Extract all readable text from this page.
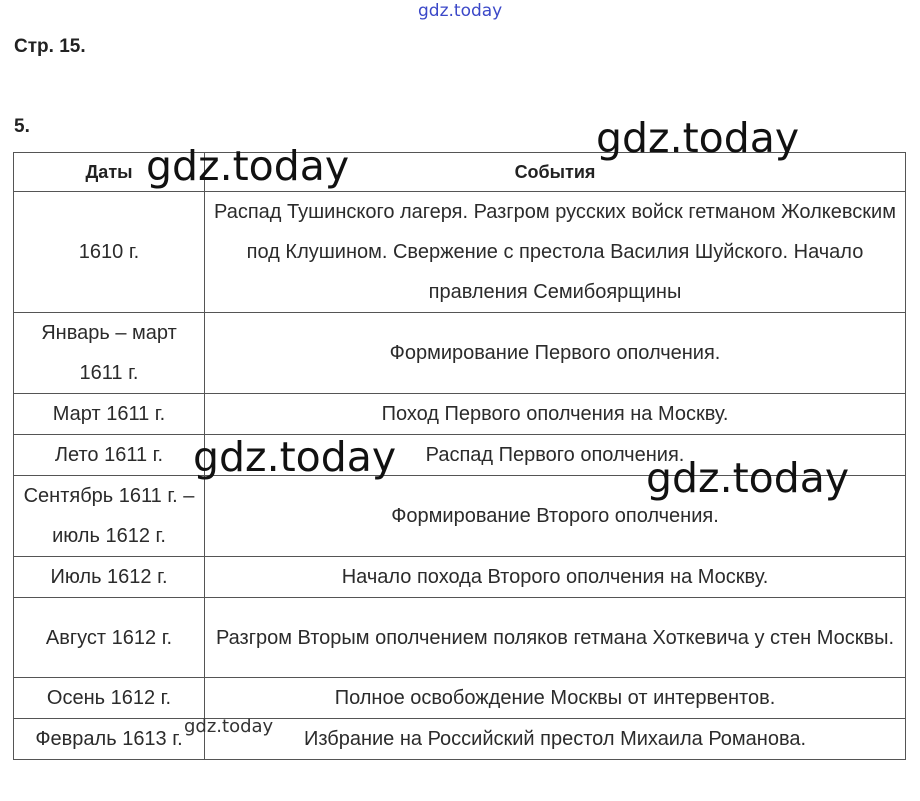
Стр. 15.
5.
Даты	События
1610 г.	Распад Тушинского лагеря. Разгром русских войск гетманом Жолкевским под Клушином. Свержение с престола Василия Шуйского. Начало правления Семибоярщины
Январь – март 1611 г.	Формирование Первого ополчения.
Март 1611 г.	Поход Первого ополчения на Москву.
Лето 1611 г.	Распад Первого ополчения.
Сентябрь 1611 г. – июль 1612 г.	Формирование Второго ополчения.
Июль 1612 г.	Начало похода Второго ополчения на Москву.
Август 1612 г.	Разгром Вторым ополчением поляков гетмана Хоткевича у стен Москвы.
Осень 1612 г.	Полное освобождение Москвы от интервентов.
Февраль 1613 г.	Избрание на Российский престол Михаила Романова.
gdz.today
gdz.today
gdz.today
gdz.today	gdz.today
gdz.today
